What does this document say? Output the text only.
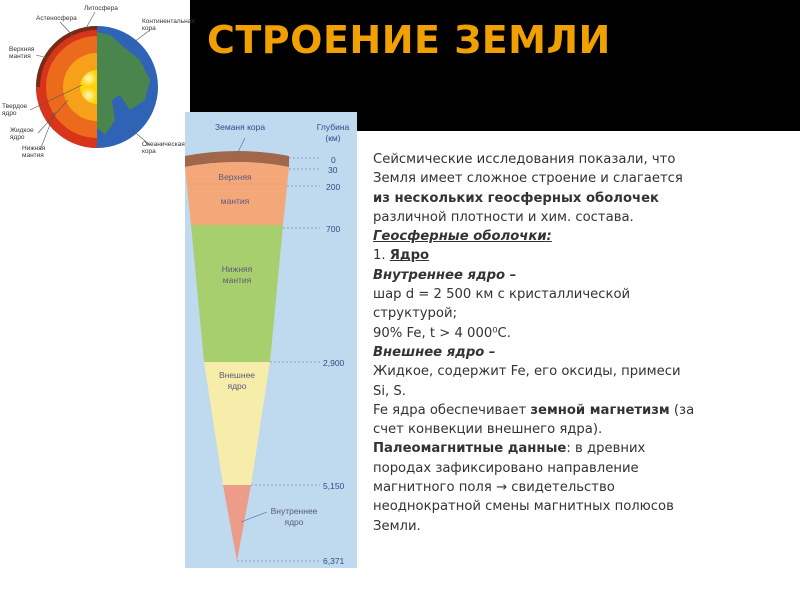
Литосфера
Астеносфера
Верхняя мантия
Континентальная кора
Твердое ядро
Жидкое ядро
Нижняя мантия
Океаническая кора
СТРОЕНИЕ ЗЕМЛИ
Земаня кора	Глубина
(км)
0
30
200
700
2,900
5,150
6,371
Верхняя
мантия
Нижняя
мантия
Внешнее
ядро
Внутреннее
ядро

Сейсмические исследования показали, что

Земля имеет сложное строение и слагается

из нескольких геосферных оболочек

различной плотности и хим. состава.

Геосферные оболочки:

1. Ядро

Внутреннее ядро –

шар d = 2 500 км с кристаллической

структурой;

90% Fe, t > 4 000⁰С.

Внешнее ядро –

Жидкое, содержит Fe, его оксиды, примеси

Si, S.

Fe ядра обеспечивает земной магнетизм (за

счет конвекции внешнего ядра).

Палеомагнитные данные: в древних

породах зафиксировано направление

магнитного поля → свидетельство

неоднократной смены магнитных полюсов

Земли.
